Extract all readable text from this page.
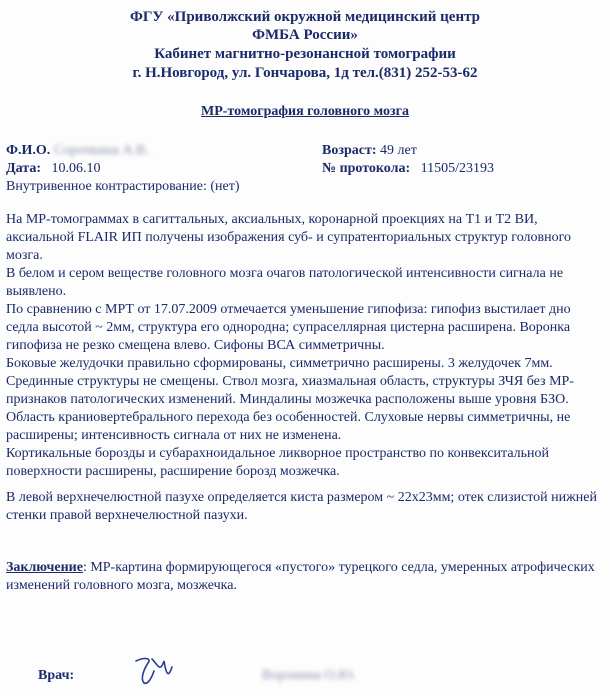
ФГУ «Приволжский окружной медицинский центр
ФМБА России»
Кабинет магнитно-резонансной томографии
г. Н.Новгород, ул. Гончарова, 1д тел.(831) 252-53-62
МР-томография головного мозга
Ф.И.О. Сорочкина А.В.	Возраст: 49 лет
Дата: 10.06.10	№ протокола: 11505/23193
Внутривенное контрастирование: (нет)

На МР-томограммах в сагиттальных, аксиальных, коронарной проекциях на Т1 и Т2 ВИ, аксиальной FLAIR ИП получены изображения суб- и супратенториальных структур головного мозга.

В белом и сером веществе головного мозга очагов патологической интенсивности сигнала не выявлено.

По сравнению с МРТ от 17.07.2009 отмечается уменьшение гипофиза: гипофиз выстилает дно седла высотой ~ 2мм, структура его однородна; супраселлярная цистерна расширена. Воронка гипофиза не резко смещена влево. Сифоны ВСА симметричны.

Боковые желудочки правильно сформированы, симметрично расширены. 3 желудочек 7мм. Срединные структуры не смещены. Ствол мозга, хиазмальная область, структуры ЗЧЯ без МР-признаков патологических изменений. Миндалины мозжечка расположены выше уровня БЗО. Область краниовертебрального перехода без особенностей. Слуховые нервы симметричны, не расширены; интенсивность сигнала от них не изменена.

Кортикальные борозды и субарахноидальное ликворное пространство по конвекситальной поверхности расширены, расширение борозд мозжечка.

В левой верхнечелюстной пазухе определяется киста размером ~ 22х23мм; отек слизистой нижней стенки правой верхнечелюстной пазухи.
Заключение: МР-картина формирующегося «пустого» турецкого седла, умеренных атрофических изменений головного мозга, мозжечка.
Врач:	Воронина О.Ю.
